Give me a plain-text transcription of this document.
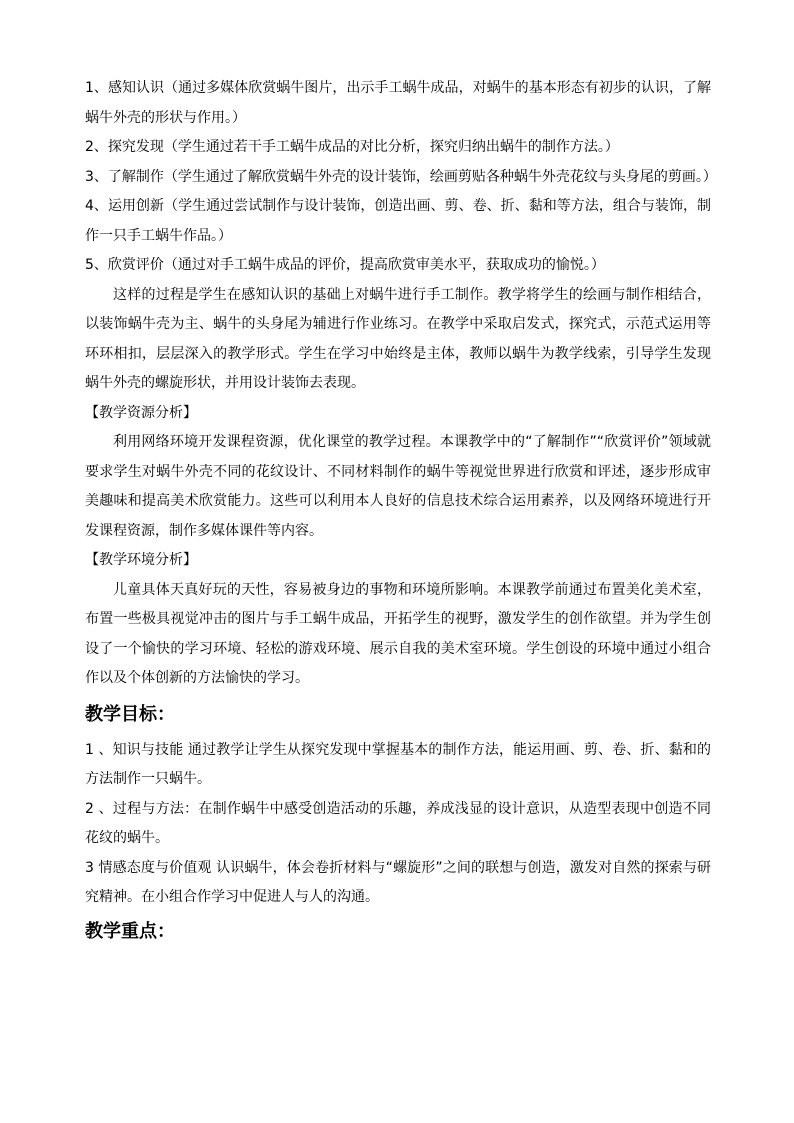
1、感知认识（通过多媒体欣赏蜗牛图片，出示手工蜗牛成品，对蜗牛的基本形态有初步的认识，了解蜗牛外壳的形状与作用。）

2、探究发现（学生通过若干手工蜗牛成品的对比分析，探究归纳出蜗牛的制作方法。）

3、了解制作（学生通过了解欣赏蜗牛外壳的设计装饰，绘画剪贴各种蜗牛外壳花纹与头身尾的剪画。）

4、运用创新（学生通过尝试制作与设计装饰，创造出画、剪、卷、折、黏和等方法，组合与装饰，制作一只手工蜗牛作品。）

5、欣赏评价（通过对手工蜗牛成品的评价，提高欣赏审美水平，获取成功的愉悦。）

这样的过程是学生在感知认识的基础上对蜗牛进行手工制作。教学将学生的绘画与制作相结合，以装饰蜗牛壳为主、蜗牛的头身尾为辅进行作业练习。在教学中采取启发式，探究式，示范式运用等环环相扣，层层深入的教学形式。学生在学习中始终是主体，教师以蜗牛为教学线索，引导学生发现蜗牛外壳的螺旋形状，并用设计装饰去表现。

【教学资源分析】

利用网络环境开发课程资源，优化课堂的教学过程。本课教学中的“了解制作”“欣赏评价”领域就要求学生对蜗牛外壳不同的花纹设计、不同材料制作的蜗牛等视觉世界进行欣赏和评述，逐步形成审美趣味和提高美术欣赏能力。这些可以利用本人良好的信息技术综合运用素养，以及网络环境进行开发课程资源，制作多媒体课件等内容。

【教学环境分析】

儿童具体天真好玩的天性，容易被身边的事物和环境所影响。本课教学前通过布置美化美术室，布置一些极具视觉冲击的图片与手工蜗牛成品，开拓学生的视野，激发学生的创作欲望。并为学生创设了一个愉快的学习环境、轻松的游戏环境、展示自我的美术室环境。学生创设的环境中通过小组合作以及个体创新的方法愉快的学习。

教学目标：

1 、知识与技能 通过教学让学生从探究发现中掌握基本的制作方法，能运用画、剪、卷、折、黏和的方法制作一只蜗牛。

2 、过程与方法：在制作蜗牛中感受创造活动的乐趣，养成浅显的设计意识，从造型表现中创造不同花纹的蜗牛。

3 情感态度与价值观 认识蜗牛，体会卷折材料与“螺旋形”之间的联想与创造，激发对自然的探索与研究精神。在小组合作学习中促进人与人的沟通。

教学重点：
